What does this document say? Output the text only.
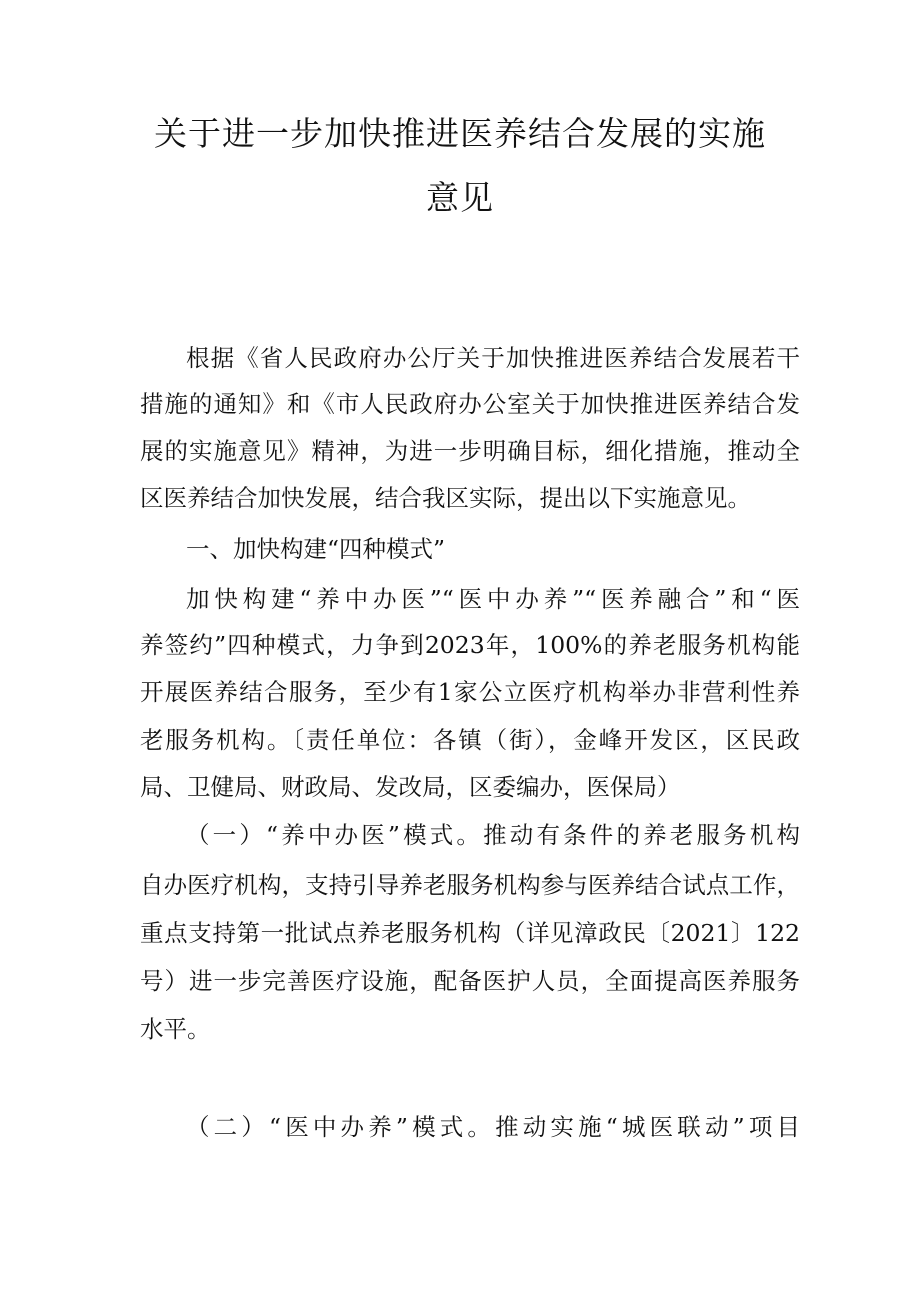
关于进一步加快推进医养结合发展的实施
意见
根据《省人民政府办公厅关于加快推进医养结合发展若干
措施的通知》和《市人民政府办公室关于加快推进医养结合发
展的实施意见》精神，为进一步明确目标，细化措施，推动全
区医养结合加快发展，结合我区实际，提出以下实施意见。
一、加快构建“四种模式”
加快构建“养中办医”“医中办养”“医养融合”和“医
养签约”四种模式，力争到2023年，100%的养老服务机构能
开展医养结合服务，至少有1家公立医疗机构举办非营利性养
老服务机构。〔责任单位：各镇（街），金峰开发区，区民政
局、卫健局、财政局、发改局，区委编办，医保局）
（一）“养中办医”模式。推动有条件的养老服务机构
自办医疗机构，支持引导养老服务机构参与医养结合试点工作，
重点支持第一批试点养老服务机构（详见漳政民〔2021〕122
号）进一步完善医疗设施，配备医护人员，全面提高医养服务
水平。
（二）“医中办养”模式。推动实施“城医联动”项目
